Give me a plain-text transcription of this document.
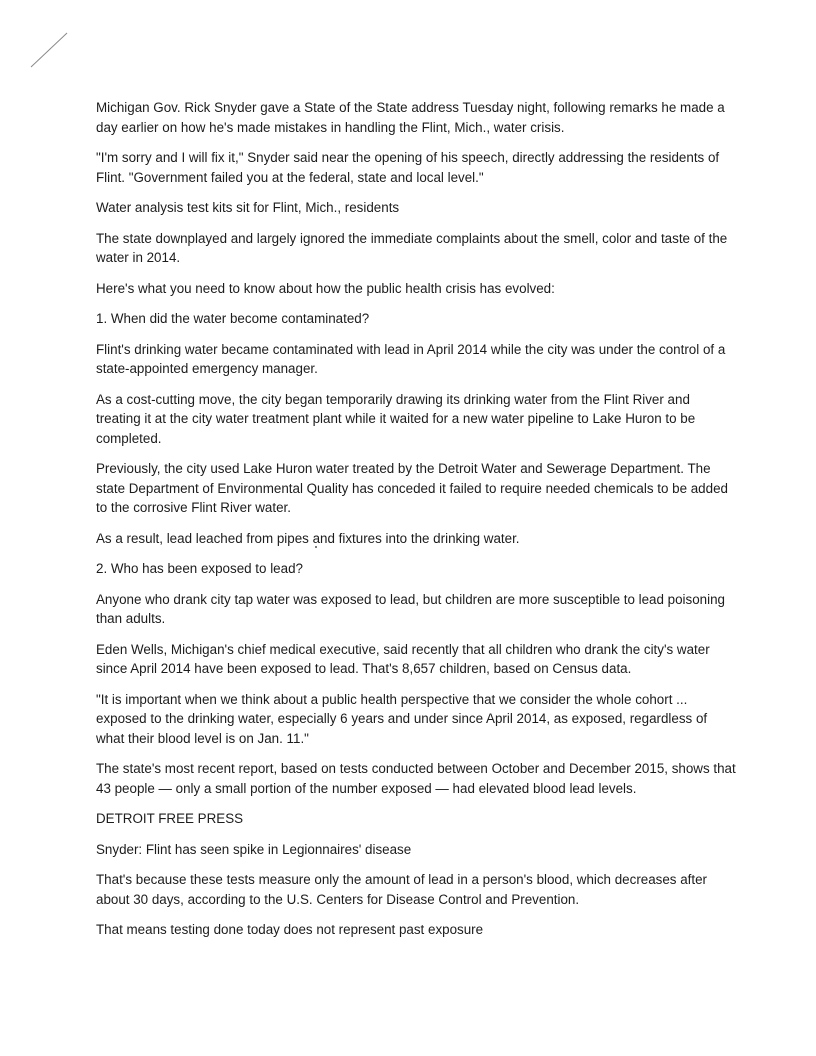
Michigan Gov. Rick Snyder gave a State of the State address Tuesday night, following remarks he made a day earlier on how he's made mistakes in handling the Flint, Mich., water crisis.

"I'm sorry and I will fix it," Snyder said near the opening of his speech, directly addressing the residents of Flint. "Government failed you at the federal, state and local level."

Water analysis test kits sit for Flint, Mich., residents

The state downplayed and largely ignored the immediate complaints about the smell, color and taste of the water in 2014.

Here's what you need to know about how the public health crisis has evolved:

1. When did the water become contaminated?

Flint's drinking water became contaminated with lead in April 2014 while the city was under the control of a state-appointed emergency manager.

As a cost-cutting move, the city began temporarily drawing its drinking water from the Flint River and treating it at the city water treatment plant while it waited for a new water pipeline to Lake Huron to be completed.

Previously, the city used Lake Huron water treated by the Detroit Water and Sewerage Department. The state Department of Environmental Quality has conceded it failed to require needed chemicals to be added to the corrosive Flint River water.

As a result, lead leached from pipes and fixtures into the drinking water.

2. Who has been exposed to lead?

Anyone who drank city tap water was exposed to lead, but children are more susceptible to lead poisoning than adults.

Eden Wells, Michigan's chief medical executive, said recently that all children who drank the city's water since April 2014 have been exposed to lead. That's 8,657 children, based on Census data.

"It is important when we think about a public health perspective that we consider the whole cohort ... exposed to the drinking water, especially 6 years and under since April 2014, as exposed, regardless of what their blood level is on Jan. 11."

The state's most recent report, based on tests conducted between October and December 2015, shows that 43 people — only a small portion of the number exposed — had elevated blood lead levels.

DETROIT FREE PRESS

Snyder: Flint has seen spike in Legionnaires' disease

That's because these tests measure only the amount of lead in a person's blood, which decreases after about 30 days, according to the U.S. Centers for Disease Control and Prevention.

That means testing done today does not represent past exposure
